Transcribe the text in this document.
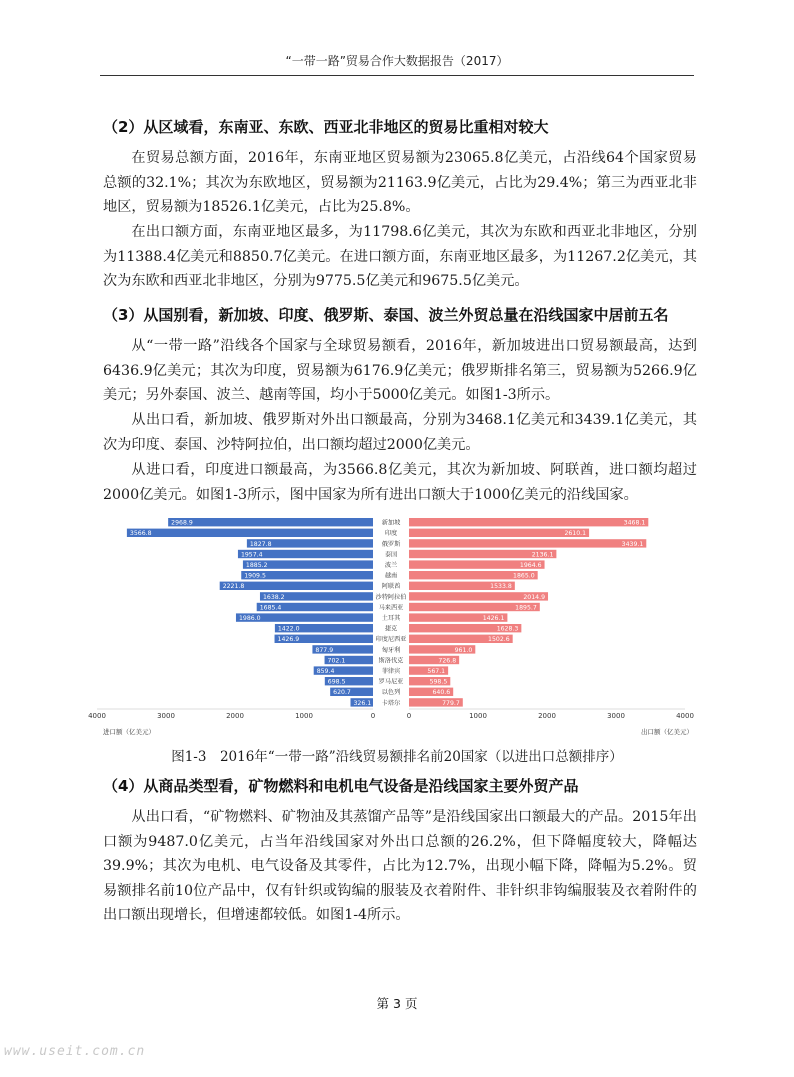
“一带一路”贸易合作大数据报告（2017）
（2）从区域看，东南亚、东欧、西亚北非地区的贸易比重相对较大

在贸易总额方面，2016年，东南亚地区贸易额为23065.8亿美元，占沿线64个国家贸易总额的32.1%；其次为东欧地区，贸易额为21163.9亿美元，占比为29.4%；第三为西亚北非地区，贸易额为18526.1亿美元，占比为25.8%。

在出口额方面，东南亚地区最多，为11798.6亿美元，其次为东欧和西亚北非地区，分别为11388.4亿美元和8850.7亿美元。在进口额方面，东南亚地区最多，为11267.2亿美元，其次为东欧和西亚北非地区，分别为9775.5亿美元和9675.5亿美元。

（3）从国别看，新加坡、印度、俄罗斯、泰国、波兰外贸总量在沿线国家中居前五名

从“一带一路”沿线各个国家与全球贸易额看，2016年，新加坡进出口贸易额最高，达到6436.9亿美元；其次为印度，贸易额为6176.9亿美元；俄罗斯排名第三，贸易额为5266.9亿美元；另外泰国、波兰、越南等国，均小于5000亿美元。如图1-3所示。

从出口看，新加坡、俄罗斯对外出口额最高，分别为3468.1亿美元和3439.1亿美元，其次为印度、泰国、沙特阿拉伯，出口额均超过2000亿美元。

从进口看，印度进口额最高，为3566.8亿美元，其次为新加坡、阿联酋，进口额均超过2000亿美元。如图1-3所示，图中国家为所有进出口额大于1000亿美元的沿线国家。

2968.9	3468.1
新加坡
3566.8	2610.1
印度
1827.8	3439.1
俄罗斯
1957.4	2136.1
泰国
1885.2	1964.6
波兰
1909.5	1865.0
越南
2221.8	1533.8
阿联酋
1638.2	2014.9
沙特阿拉伯
1685.4	1895.7
马来西亚
1986.0	1426.1
土耳其
1422.0	1628.3
捷克
1426.9	1502.6
印度尼西亚
877.9	961.0
匈牙利
702.1	726.8
斯洛伐克
859.4	567.1
菲律宾
698.5	598.5
罗马尼亚
620.7	640.6
以色列
326.1	779.7
卡塔尔
4000	3000	2000	1000	0	0	1000	2000	3000	4000
进口额（亿美元）	出口额（亿美元）
图1-3　2016年“一带一路”沿线贸易额排名前20国家（以进出口总额排序）
（4）从商品类型看，矿物燃料和电机电气设备是沿线国家主要外贸产品

从出口看，“矿物燃料、矿物油及其蒸馏产品等”是沿线国家出口额最大的产品。2015年出口额为9487.0亿美元，占当年沿线国家对外出口总额的26.2%，但下降幅度较大，降幅达39.9%；其次为电机、电气设备及其零件，占比为12.7%，出现小幅下降，降幅为5.2%。贸易额排名前10位产品中，仅有针织或钩编的服装及衣着附件、非针织非钩编服装及衣着附件的出口额出现增长，但增速都较低。如图1-4所示。

第 3 页
www.useit.com.cn
